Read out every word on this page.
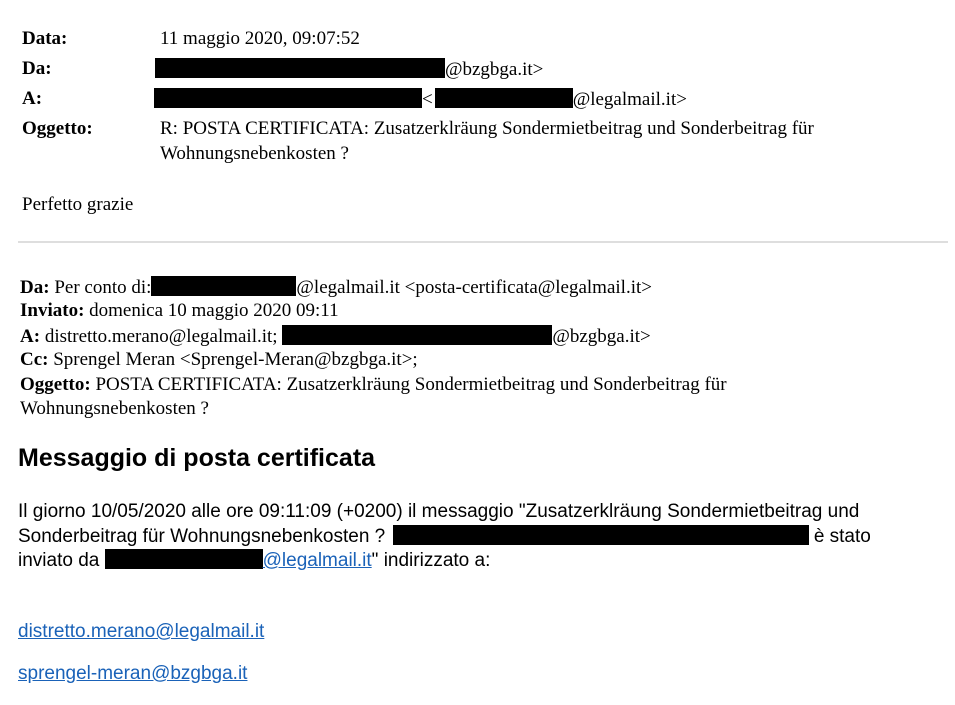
Data:	11 maggio 2020, 09:07:52
Da:	@bzgbga.it>
A:	<	@legalmail.it>
Oggetto:	R: POSTA CERTIFICATA: Zusatzerklräung Sondermietbeitrag und Sonderbeitrag für
Wohnungsnebenkosten ?
Perfetto grazie
Da: Per conto di:	@legalmail.it <posta-certificata@legalmail.it>
Inviato: domenica 10 maggio 2020 09:11
A: distretto.merano@legalmail.it;	@bzgbga.it>
Cc: Sprengel Meran <Sprengel-Meran@bzgbga.it>;
Oggetto: POSTA CERTIFICATA: Zusatzerklräung Sondermietbeitrag und Sonderbeitrag für
Wohnungsnebenkosten ?
Messaggio di posta certificata
Il giorno 10/05/2020 alle ore 09:11:09 (+0200) il messaggio "Zusatzerklräung Sondermietbeitrag und
Sonderbeitrag für Wohnungsnebenkosten ?	è stato
inviato da	@legalmail.it" indirizzato a:
distretto.merano@legalmail.it
sprengel-meran@bzgbga.it
